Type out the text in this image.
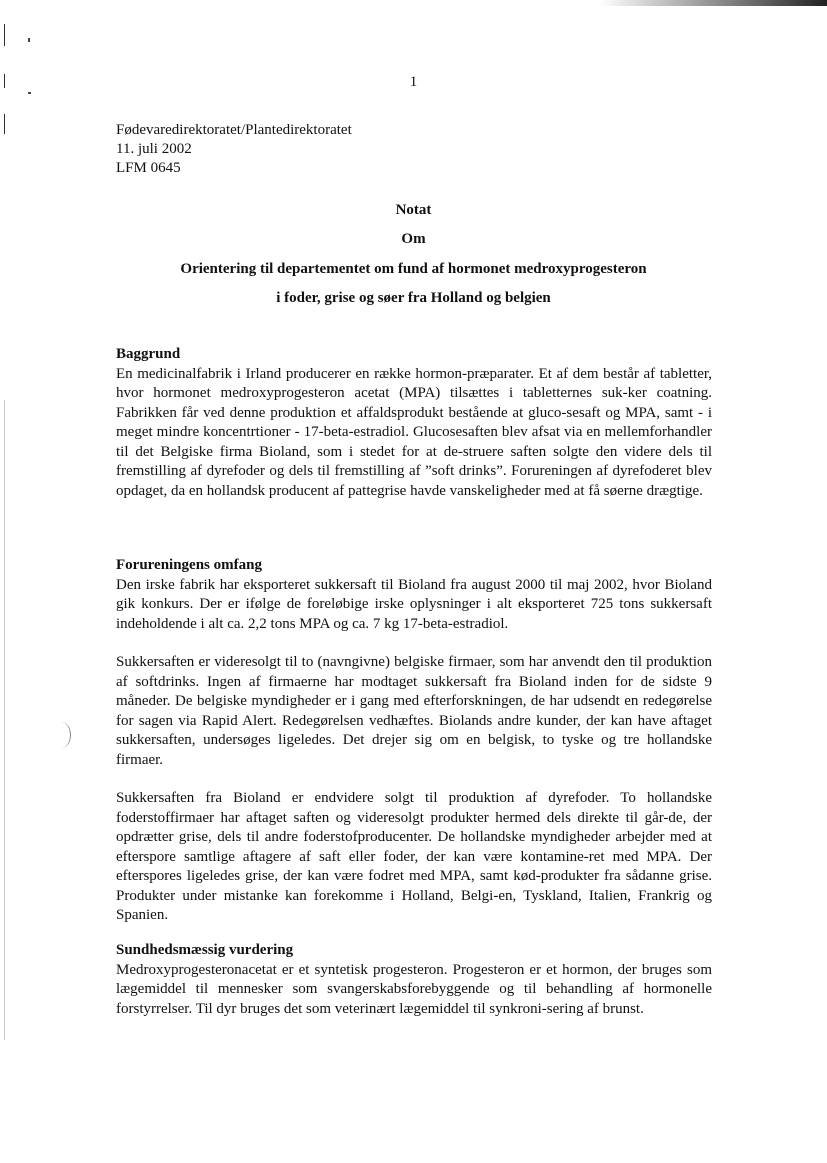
1
Fødevaredirektoratet/Plantedirektoratet
11. juli 2002
LFM 0645
Notat
Om
Orientering til departementet om fund af hormonet medroxyprogesteron
i foder, grise og søer fra Holland og belgien
Baggrund

En medicinalfabrik i Irland producerer en række hormon-præparater. Et af dem består af tabletter, hvor hormonet medroxyprogesteron acetat (MPA) tilsættes i tabletternes suk-ker coatning. Fabrikken får ved denne produktion et affaldsprodukt bestående at gluco-sesaft og MPA, samt - i meget mindre koncentrtioner - 17-beta-estradiol. Glucosesaften blev afsat via en mellemforhandler til det Belgiske firma Bioland, som i stedet for at de-struere saften solgte den videre dels til fremstilling af dyrefoder og dels til fremstilling af ”soft drinks”. Forureningen af dyrefoderet blev opdaget, da en hollandsk producent af pattegrise havde vanskeligheder med at få søerne drægtige.

Forureningens omfang

Den irske fabrik har eksporteret sukkersaft til Bioland fra august 2000 til maj 2002, hvor Bioland gik konkurs. Der er ifølge de foreløbige irske oplysninger i alt eksporteret 725 tons sukkersaft indeholdende i alt ca. 2,2 tons MPA og ca. 7 kg 17-beta-estradiol.

Sukkersaften er videresolgt til to (navngivne) belgiske firmaer, som har anvendt den til produktion af softdrinks. Ingen af firmaerne har modtaget sukkersaft fra Bioland inden for de sidste 9 måneder. De belgiske myndigheder er i gang med efterforskningen, de har udsendt en redegørelse for sagen via Rapid Alert. Redegørelsen vedhæftes. Biolands andre kunder, der kan have aftaget sukkersaften, undersøges ligeledes. Det drejer sig om en belgisk, to tyske og tre hollandske firmaer.

Sukkersaften fra Bioland er endvidere solgt til produktion af dyrefoder. To hollandske foderstoffirmaer har aftaget saften og videresolgt produkter hermed dels direkte til går-de, der opdrætter grise, dels til andre foderstofproducenter. De hollandske myndigheder arbejder med at efterspore samtlige aftagere af saft eller foder, der kan være kontamine-ret med MPA. Der efterspores ligeledes grise, der kan være fodret med MPA, samt kød-produkter fra sådanne grise. Produkter under mistanke kan forekomme i Holland, Belgi-en, Tyskland, Italien, Frankrig og Spanien.

Sundhedsmæssig vurdering

Medroxyprogesteronacetat er et syntetisk progesteron. Progesteron er et hormon, der bruges som lægemiddel til mennesker som svangerskabsforebyggende og til behandling af hormonelle forstyrrelser. Til dyr bruges det som veterinært lægemiddel til synkroni-sering af brunst.
